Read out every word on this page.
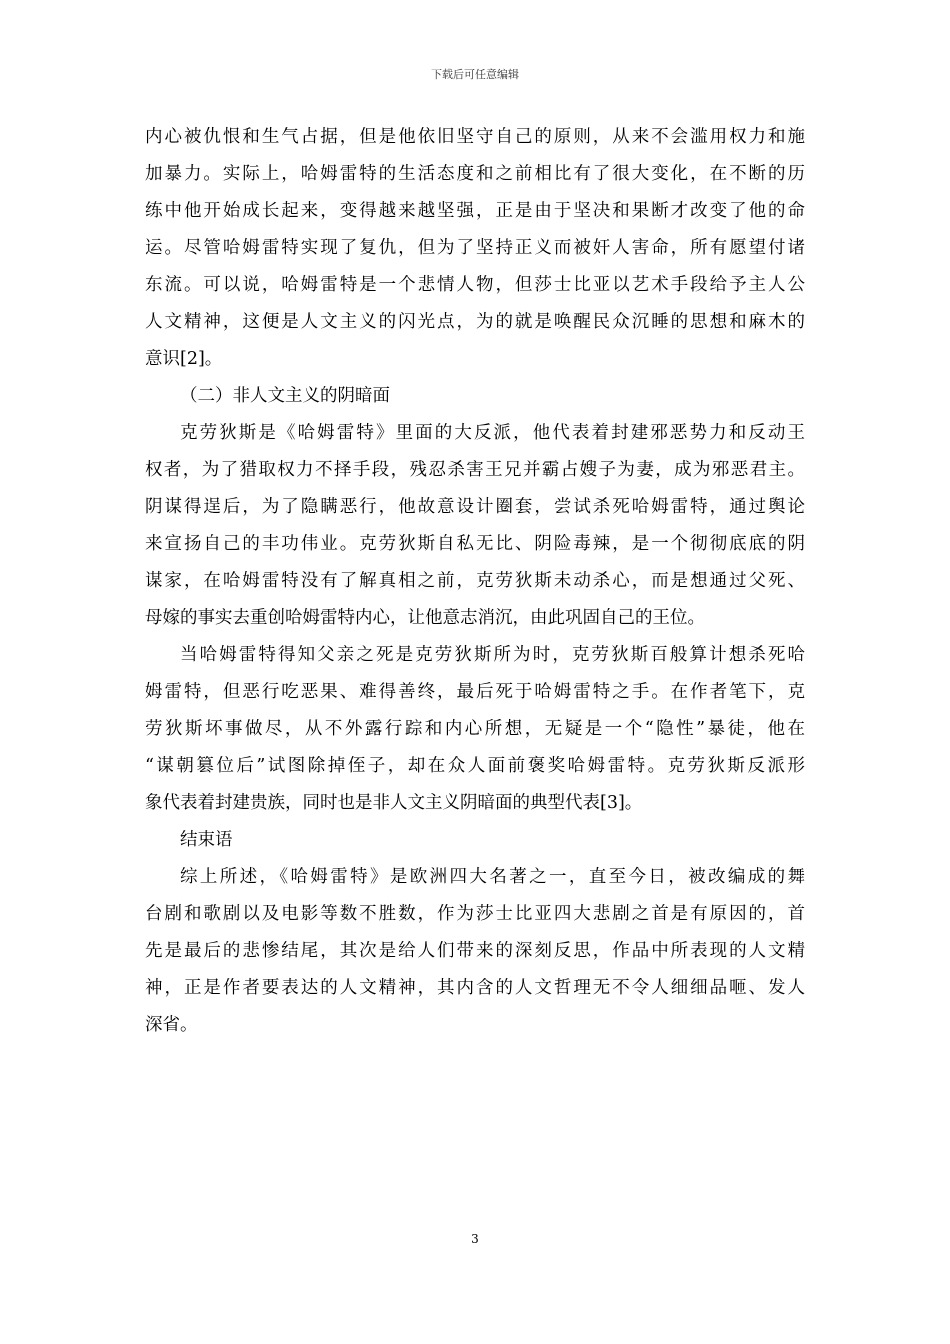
下载后可任意编辑
内心被仇恨和生气占据，但是他依旧坚守自己的原则，从来不会滥用权力和施
加暴力。实际上，哈姆雷特的生活态度和之前相比有了很大变化，在不断的历
练中他开始成长起来，变得越来越坚强，正是由于坚决和果断才改变了他的命
运。尽管哈姆雷特实现了复仇，但为了坚持正义而被奸人害命，所有愿望付诸
东流。可以说，哈姆雷特是一个悲情人物，但莎士比亚以艺术手段给予主人公
人文精神，这便是人文主义的闪光点，为的就是唤醒民众沉睡的思想和麻木的
意识[2]。
（二）非人文主义的阴暗面
克劳狄斯是《哈姆雷特》里面的大反派，他代表着封建邪恶势力和反动王
权者，为了猎取权力不择手段，残忍杀害王兄并霸占嫂子为妻，成为邪恶君主。
阴谋得逞后，为了隐瞒恶行，他故意设计圈套，尝试杀死哈姆雷特，通过舆论
来宣扬自己的丰功伟业。克劳狄斯自私无比、阴险毒辣，是一个彻彻底底的阴
谋家，在哈姆雷特没有了解真相之前，克劳狄斯未动杀心，而是想通过父死、
母嫁的事实去重创哈姆雷特内心，让他意志消沉，由此巩固自己的王位。
当哈姆雷特得知父亲之死是克劳狄斯所为时，克劳狄斯百般算计想杀死哈
姆雷特，但恶行吃恶果、难得善终，最后死于哈姆雷特之手。在作者笔下，克
劳狄斯坏事做尽，从不外露行踪和内心所想，无疑是一个“隐性”暴徒，他在
“谋朝篡位后”试图除掉侄子，却在众人面前褒奖哈姆雷特。克劳狄斯反派形
象代表着封建贵族，同时也是非人文主义阴暗面的典型代表[3]。
结束语
综上所述，《哈姆雷特》是欧洲四大名著之一，直至今日，被改编成的舞
台剧和歌剧以及电影等数不胜数，作为莎士比亚四大悲剧之首是有原因的，首
先是最后的悲惨结尾，其次是给人们带来的深刻反思，作品中所表现的人文精
神，正是作者要表达的人文精神，其内含的人文哲理无不令人细细品咂、发人
深省。
3
